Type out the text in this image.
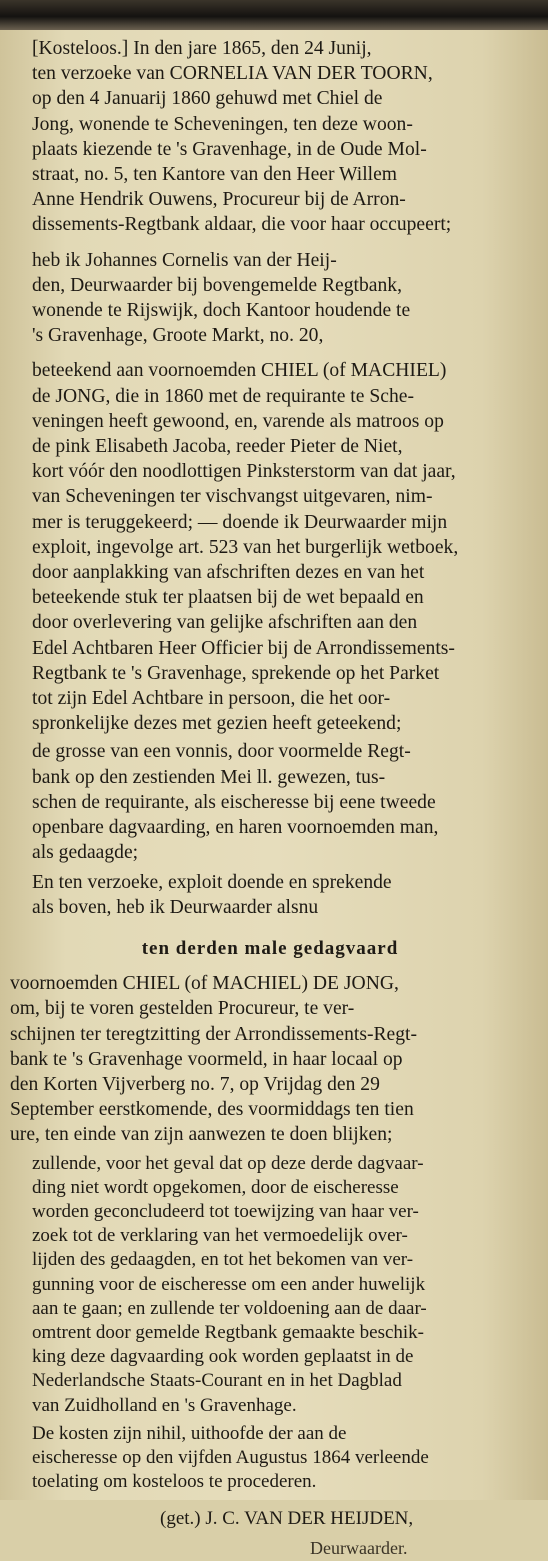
[Kosteloos.] In den jare 1865, den 24 Junij,
ten verzoeke van CORNELIA VAN DER TOORN,
op den 4 Januarij 1860 gehuwd met Chiel de
Jong, wonende te Scheveningen, ten deze woon-
plaats kiezende te 's Gravenhage, in de Oude Mol-
straat, no. 5, ten Kantore van den Heer Willem
Anne Hendrik Ouwens, Procureur bij de Arron-
dissements-Regtbank aldaar, die voor haar occupeert;
heb ik Johannes Cornelis van der Heij-
den, Deurwaarder bij bovengemelde Regtbank,
wonende te Rijswijk, doch Kantoor houdende te
's Gravenhage, Groote Markt, no. 20,
beteekend aan voornoemden CHIEL (of MACHIEL)
de JONG, die in 1860 met de requirante te Sche-
veningen heeft gewoond, en, varende als matroos op
de pink Elisabeth Jacoba, reeder Pieter de Niet,
kort vóór den noodlottigen Pinksterstorm van dat jaar,
van Scheveningen ter vischvangst uitgevaren, nim-
mer is teruggekeerd; — doende ik Deurwaarder mijn
exploit, ingevolge art. 523 van het burgerlijk wetboek,
door aanplakking van afschriften dezes en van het
beteekende stuk ter plaatsen bij de wet bepaald en
door overlevering van gelijke afschriften aan den
Edel Achtbaren Heer Officier bij de Arrondissements-
Regtbank te 's Gravenhage, sprekende op het Parket
tot zijn Edel Achtbare in persoon, die het oor-
spronkelijke dezes met gezien heeft geteekend;
de grosse van een vonnis, door voormelde Regt-
bank op den zestienden Mei ll. gewezen, tus-
schen de requirante, als eischeresse bij eene tweede
openbare dagvaarding, en haren voornoemden man,
als gedaagde;
En ten verzoeke, exploit doende en sprekende
als boven, heb ik Deurwaarder alsnu
ten derden male gedagvaard
voornoemden CHIEL (of MACHIEL) DE JONG,
om, bij te voren gestelden Procureur, te ver-
schijnen ter teregtzitting der Arrondissements-Regt-
bank te 's Gravenhage voormeld, in haar locaal op
den Korten Vijverberg no. 7, op Vrijdag den 29
September eerstkomende, des voormiddags ten tien
ure, ten einde van zijn aanwezen te doen blijken;
zullende, voor het geval dat op deze derde dagvaar-
ding niet wordt opgekomen, door de eischeresse
worden geconcludeerd tot toewijzing van haar ver-
zoek tot de verklaring van het vermoedelijk over-
lijden des gedaagden, en tot het bekomen van ver-
gunning voor de eischeresse om een ander huwelijk
aan te gaan; en zullende ter voldoening aan de daar-
omtrent door gemelde Regtbank gemaakte beschik-
king deze dagvaarding ook worden geplaatst in de
Nederlandsche Staats-Courant en in het Dagblad
van Zuidholland en 's Gravenhage.
De kosten zijn nihil, uithoofde der aan de
eischeresse op den vijfden Augustus 1864 verleende
toelating om kosteloos te procederen.
(get.) J. C. VAN DER HEIJDEN,
Deurwaarder.
